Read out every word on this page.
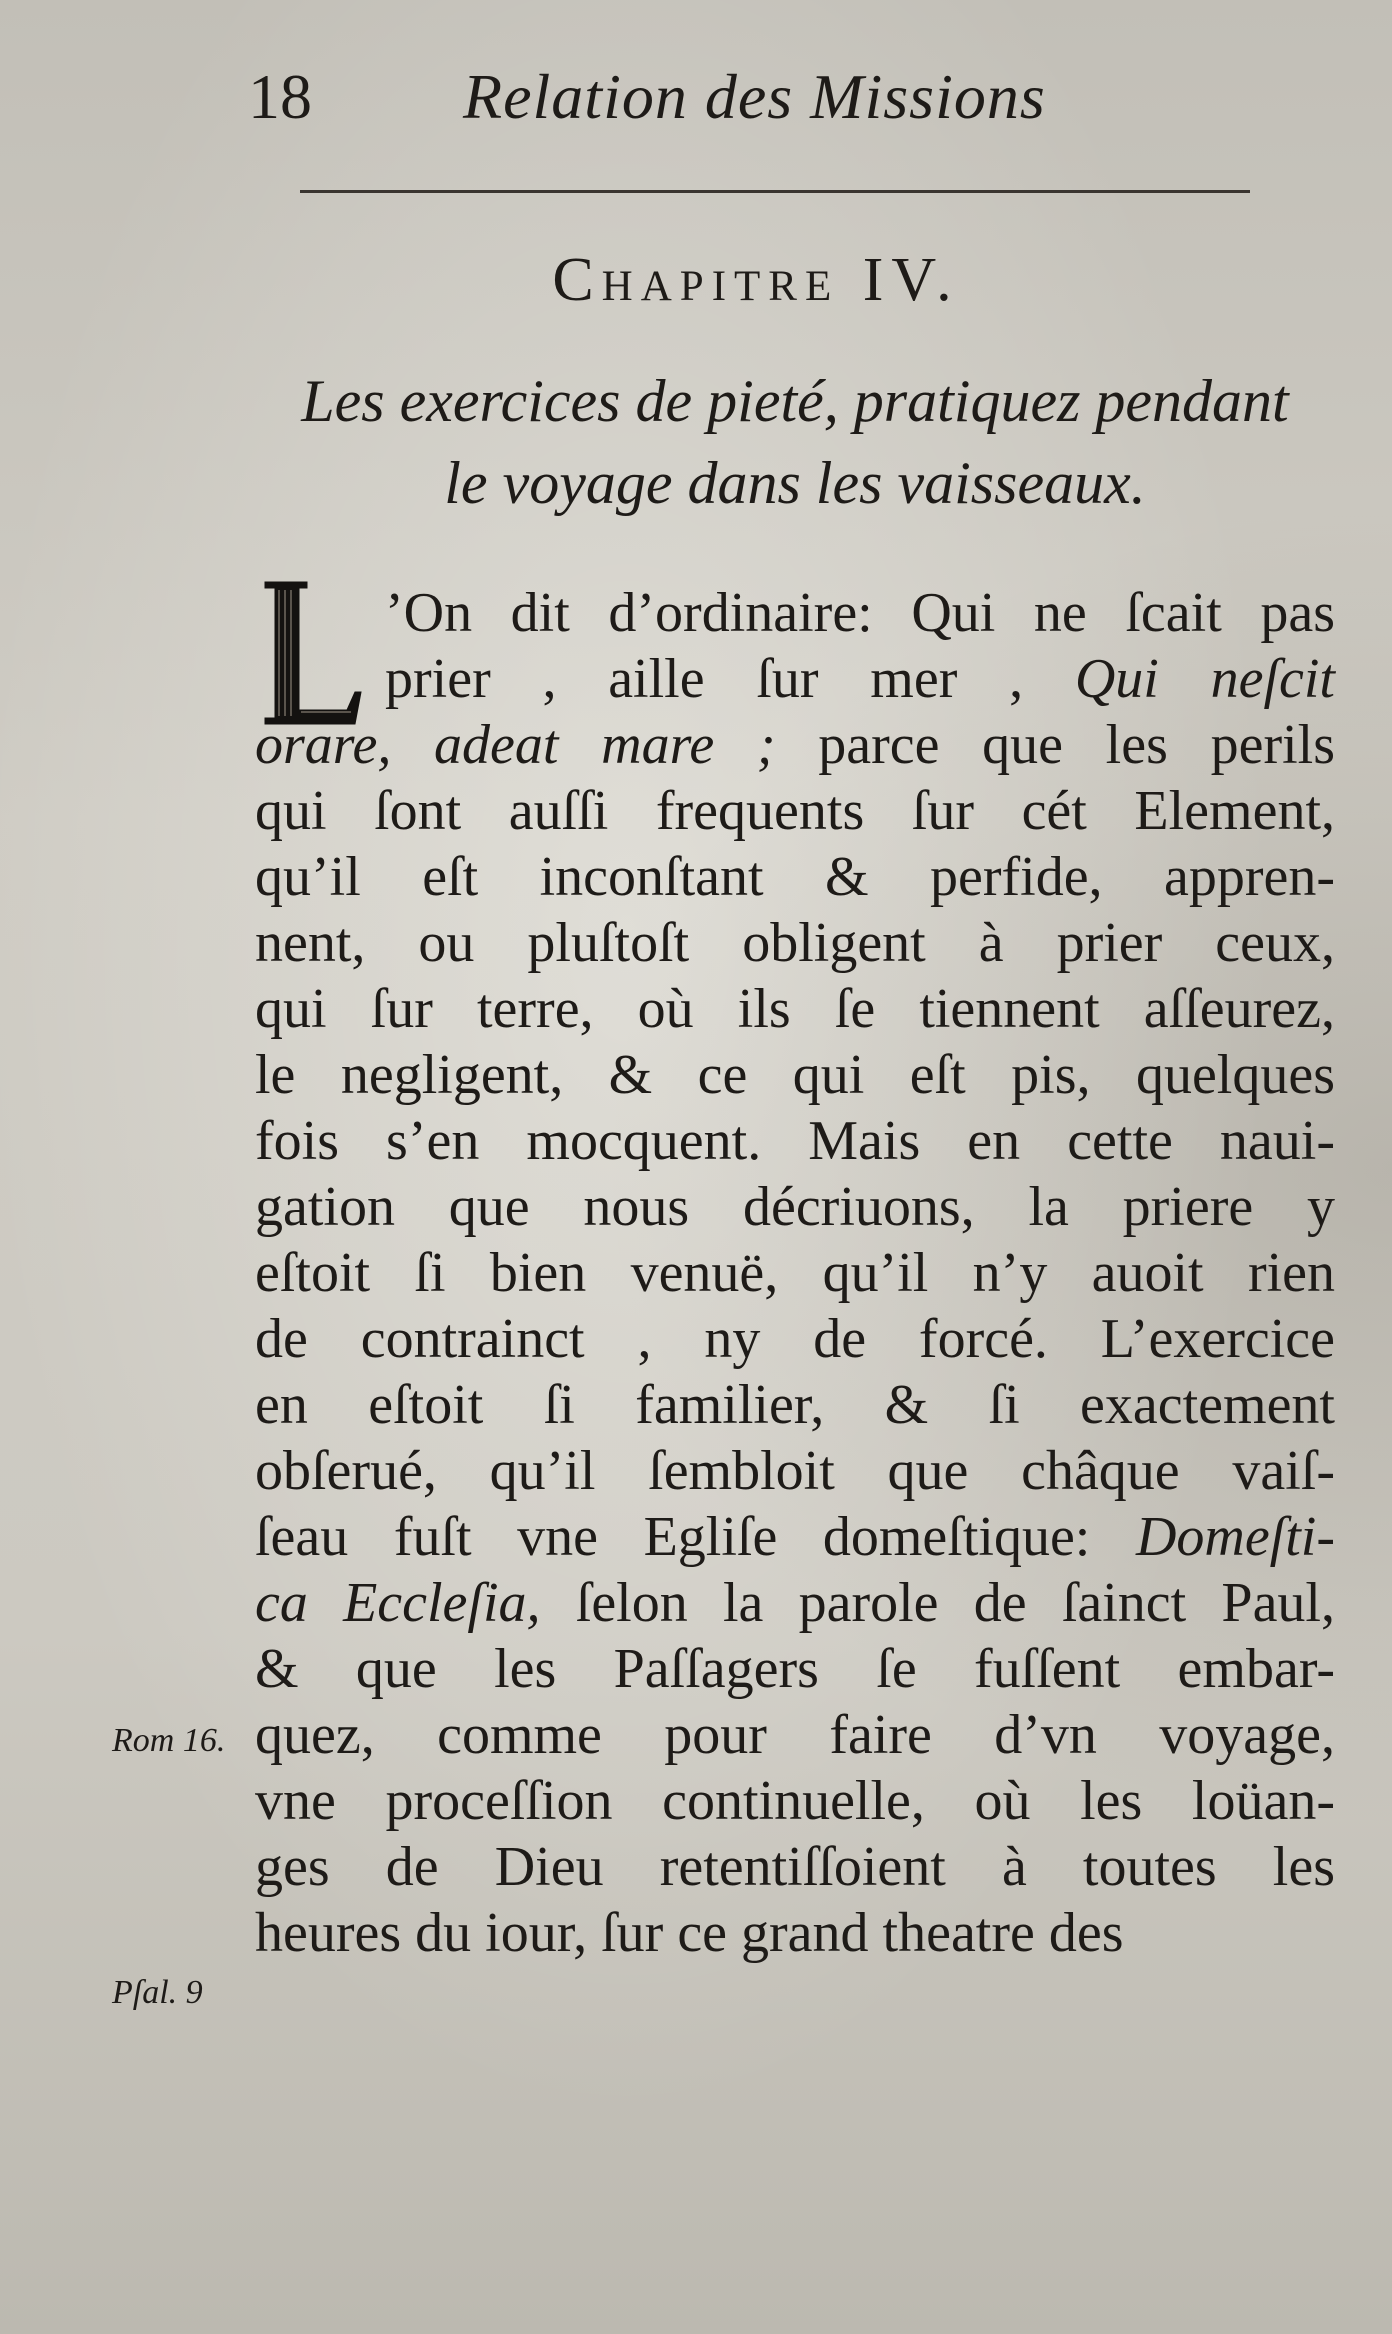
18 Relation des Missions
Chapitre IV.
Les exercices de pieté, pratiquez pendant
le voyage dans les vaisseaux.
’On dit d’ordinaire: Qui ne ſcait pas
prier , aille ſur mer , Qui neſcit
orare, adeat mare ; parce que les perils
qui ſont auſſi frequents ſur cét Element,
qu’il eſt inconſtant & perfide, appren-
nent, ou pluſtoſt obligent à prier ceux,
qui ſur terre, où ils ſe tiennent aſſeurez,
le negligent, & ce qui eſt pis, quelques
fois s’en mocquent. Mais en cette naui-
gation que nous décriuons, la priere y
eſtoit ſi bien venuë, qu’il n’y auoit rien
de contrainct , ny de forcé. L’exercice
en eſtoit ſi familier, & ſi exactement
obſerué, qu’il ſembloit que châque vaiſ-
ſeau fuſt vne Egliſe domeſtique: Domeſti-
ca Eccleſia, ſelon la parole de ſainct Paul,
& que les Paſſagers ſe fuſſent embar-
quez, comme pour faire d’vn voyage,
vne proceſſion continuelle, où les loüan-
ges de Dieu retentiſſoient à toutes les
heures du iour, ſur ce grand theatre des
Rom 16.
Pſal. 9
